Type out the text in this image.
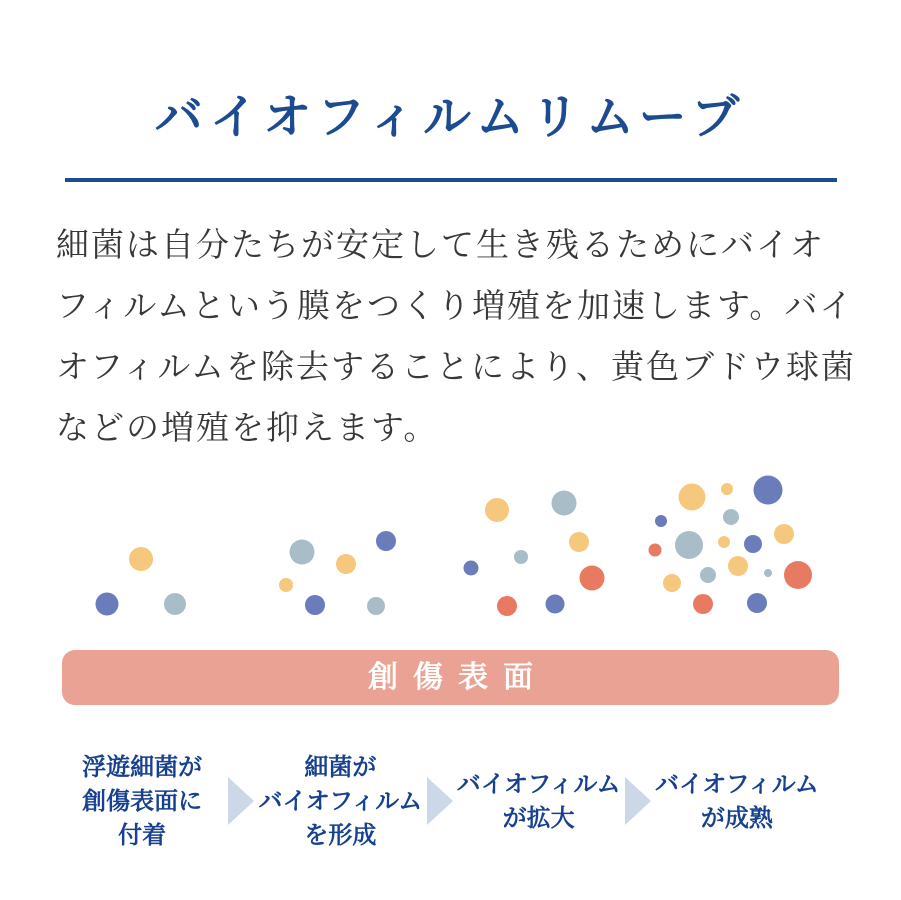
バイオフィルムリムーブ
細菌は自分たちが安定して生き残るためにバイオ
フィルムという膜をつくり増殖を加速します。バイ
オフィルムを除去することにより、黄色ブドウ球菌
などの増殖を抑えます。
創傷表面
浮遊細菌が
創傷表面に
付着
細菌が
バイオフィルム
を形成
バイオフィルム
が拡大
バイオフィルム
が成熟
